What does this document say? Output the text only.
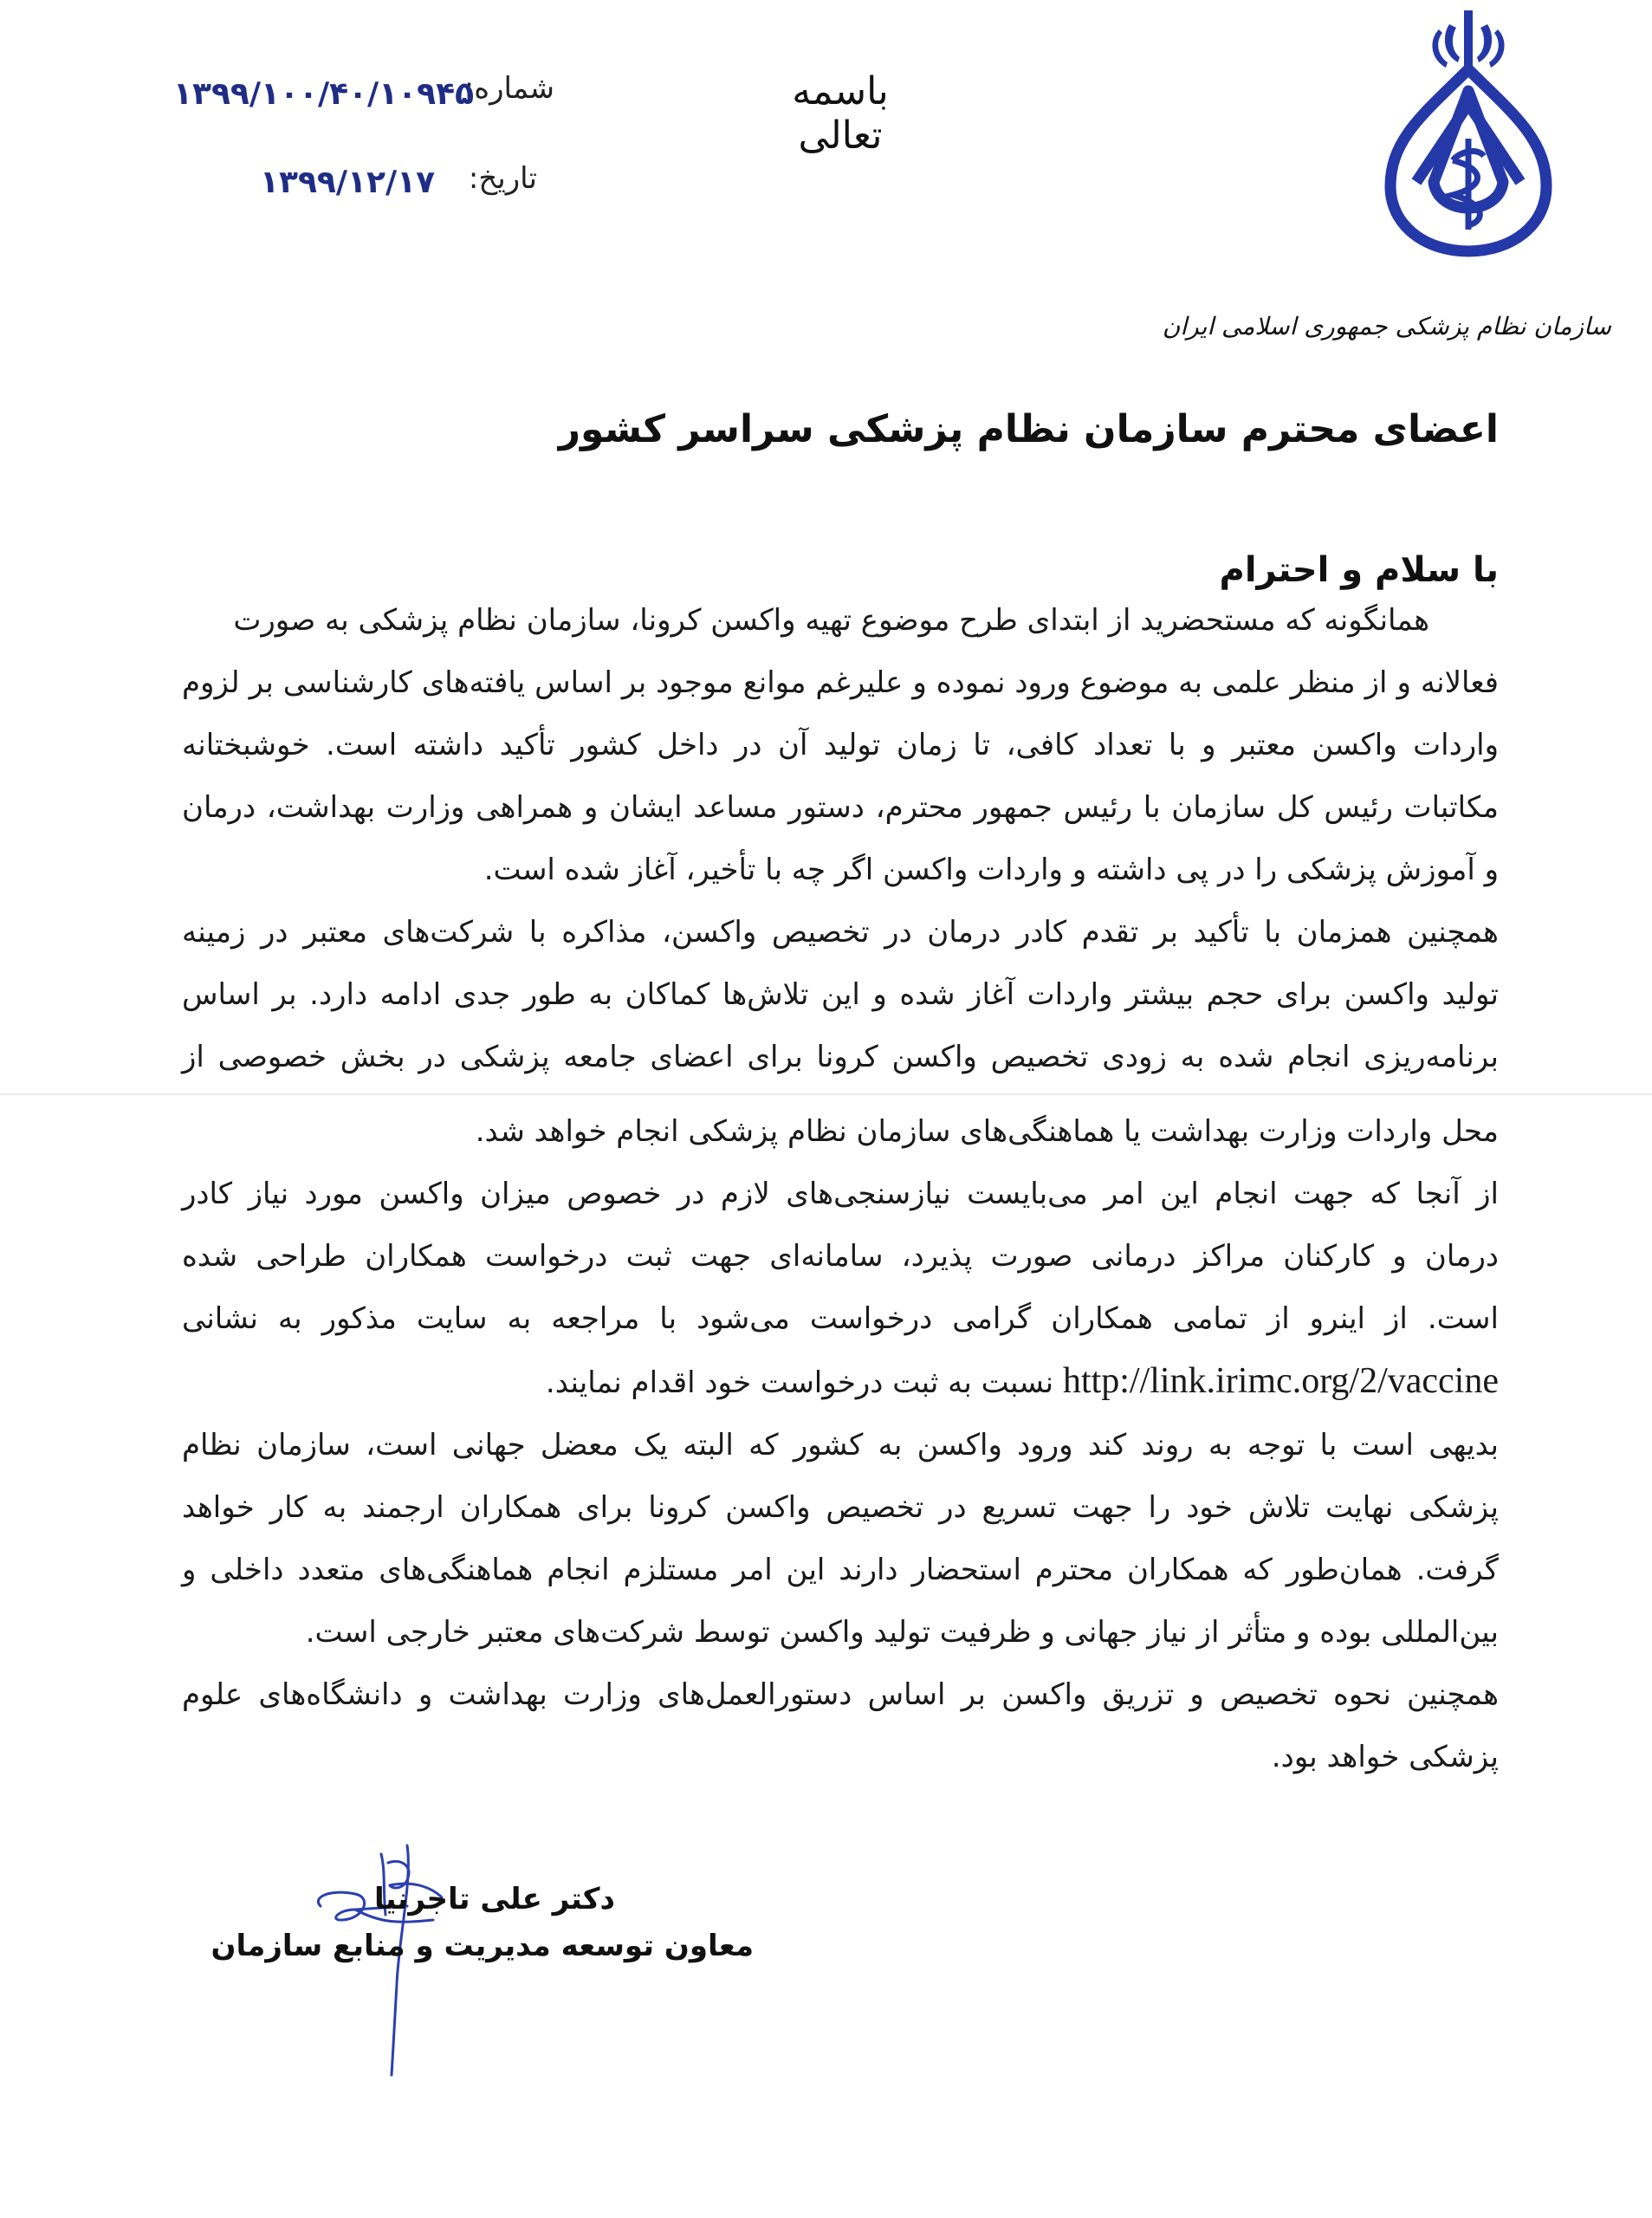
باسمه تعالی
شماره:
۱۳۹۹/۱۰۰/۴۰/۱۰۹۴۵
تاریخ:
۱۳۹۹/۱۲/۱۷
سازمان نظام پزشکی جمهوری اسلامی ایران
اعضای محترم سازمان نظام پزشکی سراسر کشور
با سلام و احترام
همانگونه که مستحضرید از ابتدای طرح موضوع تهیه واکسن کرونا، سازمان نظام پزشکی به صورت
فعالانه و از منظر علمی به موضوع ورود نموده و علیرغم موانع موجود بر اساس یافته‌های کارشناسی بر لزوم
واردات واکسن معتبر و با تعداد کافی، تا زمان تولید آن در داخل کشور تأکید داشته است. خوشبختانه
مکاتبات رئیس کل سازمان با رئیس جمهور محترم، دستور مساعد ایشان و همراهی وزارت بهداشت، درمان
و آموزش پزشکی را در پی داشته و واردات واکسن اگر چه با تأخیر، آغاز شده است.
همچنین همزمان با تأکید بر تقدم کادر درمان در تخصیص واکسن، مذاکره با شرکت‌های معتبر در زمینه
تولید واکسن برای حجم بیشتر واردات آغاز شده و این تلاش‌ها کماکان به طور جدی ادامه دارد. بر اساس
برنامه‌ریزی انجام شده به زودی تخصیص واکسن کرونا برای اعضای جامعه پزشکی در بخش خصوصی از
محل واردات وزارت بهداشت یا هماهنگی‌های سازمان نظام پزشکی انجام خواهد شد.
از آنجا که جهت انجام این امر می‌بایست نیازسنجی‌های لازم در خصوص میزان واکسن مورد نیاز کادر
درمان و کارکنان مراکز درمانی صورت پذیرد، سامانه‌ای جهت ثبت درخواست همکاران طراحی شده
است. از اینرو از تمامی همکاران گرامی درخواست می‌شود با مراجعه به سایت مذکور به نشانی
http://link.irimc.org/2/vaccine نسبت به ثبت درخواست خود اقدام نمایند.
بدیهی است با توجه به روند کند ورود واکسن به کشور که البته یک معضل جهانی است، سازمان نظام
پزشکی نهایت تلاش خود را جهت تسریع در تخصیص واکسن کرونا برای همکاران ارجمند به کار خواهد
گرفت. همان‌طور که همکاران محترم استحضار دارند این امر مستلزم انجام هماهنگی‌های متعدد داخلی و
بین‌المللی بوده و متأثر از نیاز جهانی و ظرفیت تولید واکسن توسط شرکت‌های معتبر خارجی است.
همچنین نحوه تخصیص و تزریق واکسن بر اساس دستورالعمل‌های وزارت بهداشت و دانشگاه‌های علوم
پزشکی خواهد بود.
دکتر علی تاجرنیا
معاون توسعه مدیریت و منابع سازمان
